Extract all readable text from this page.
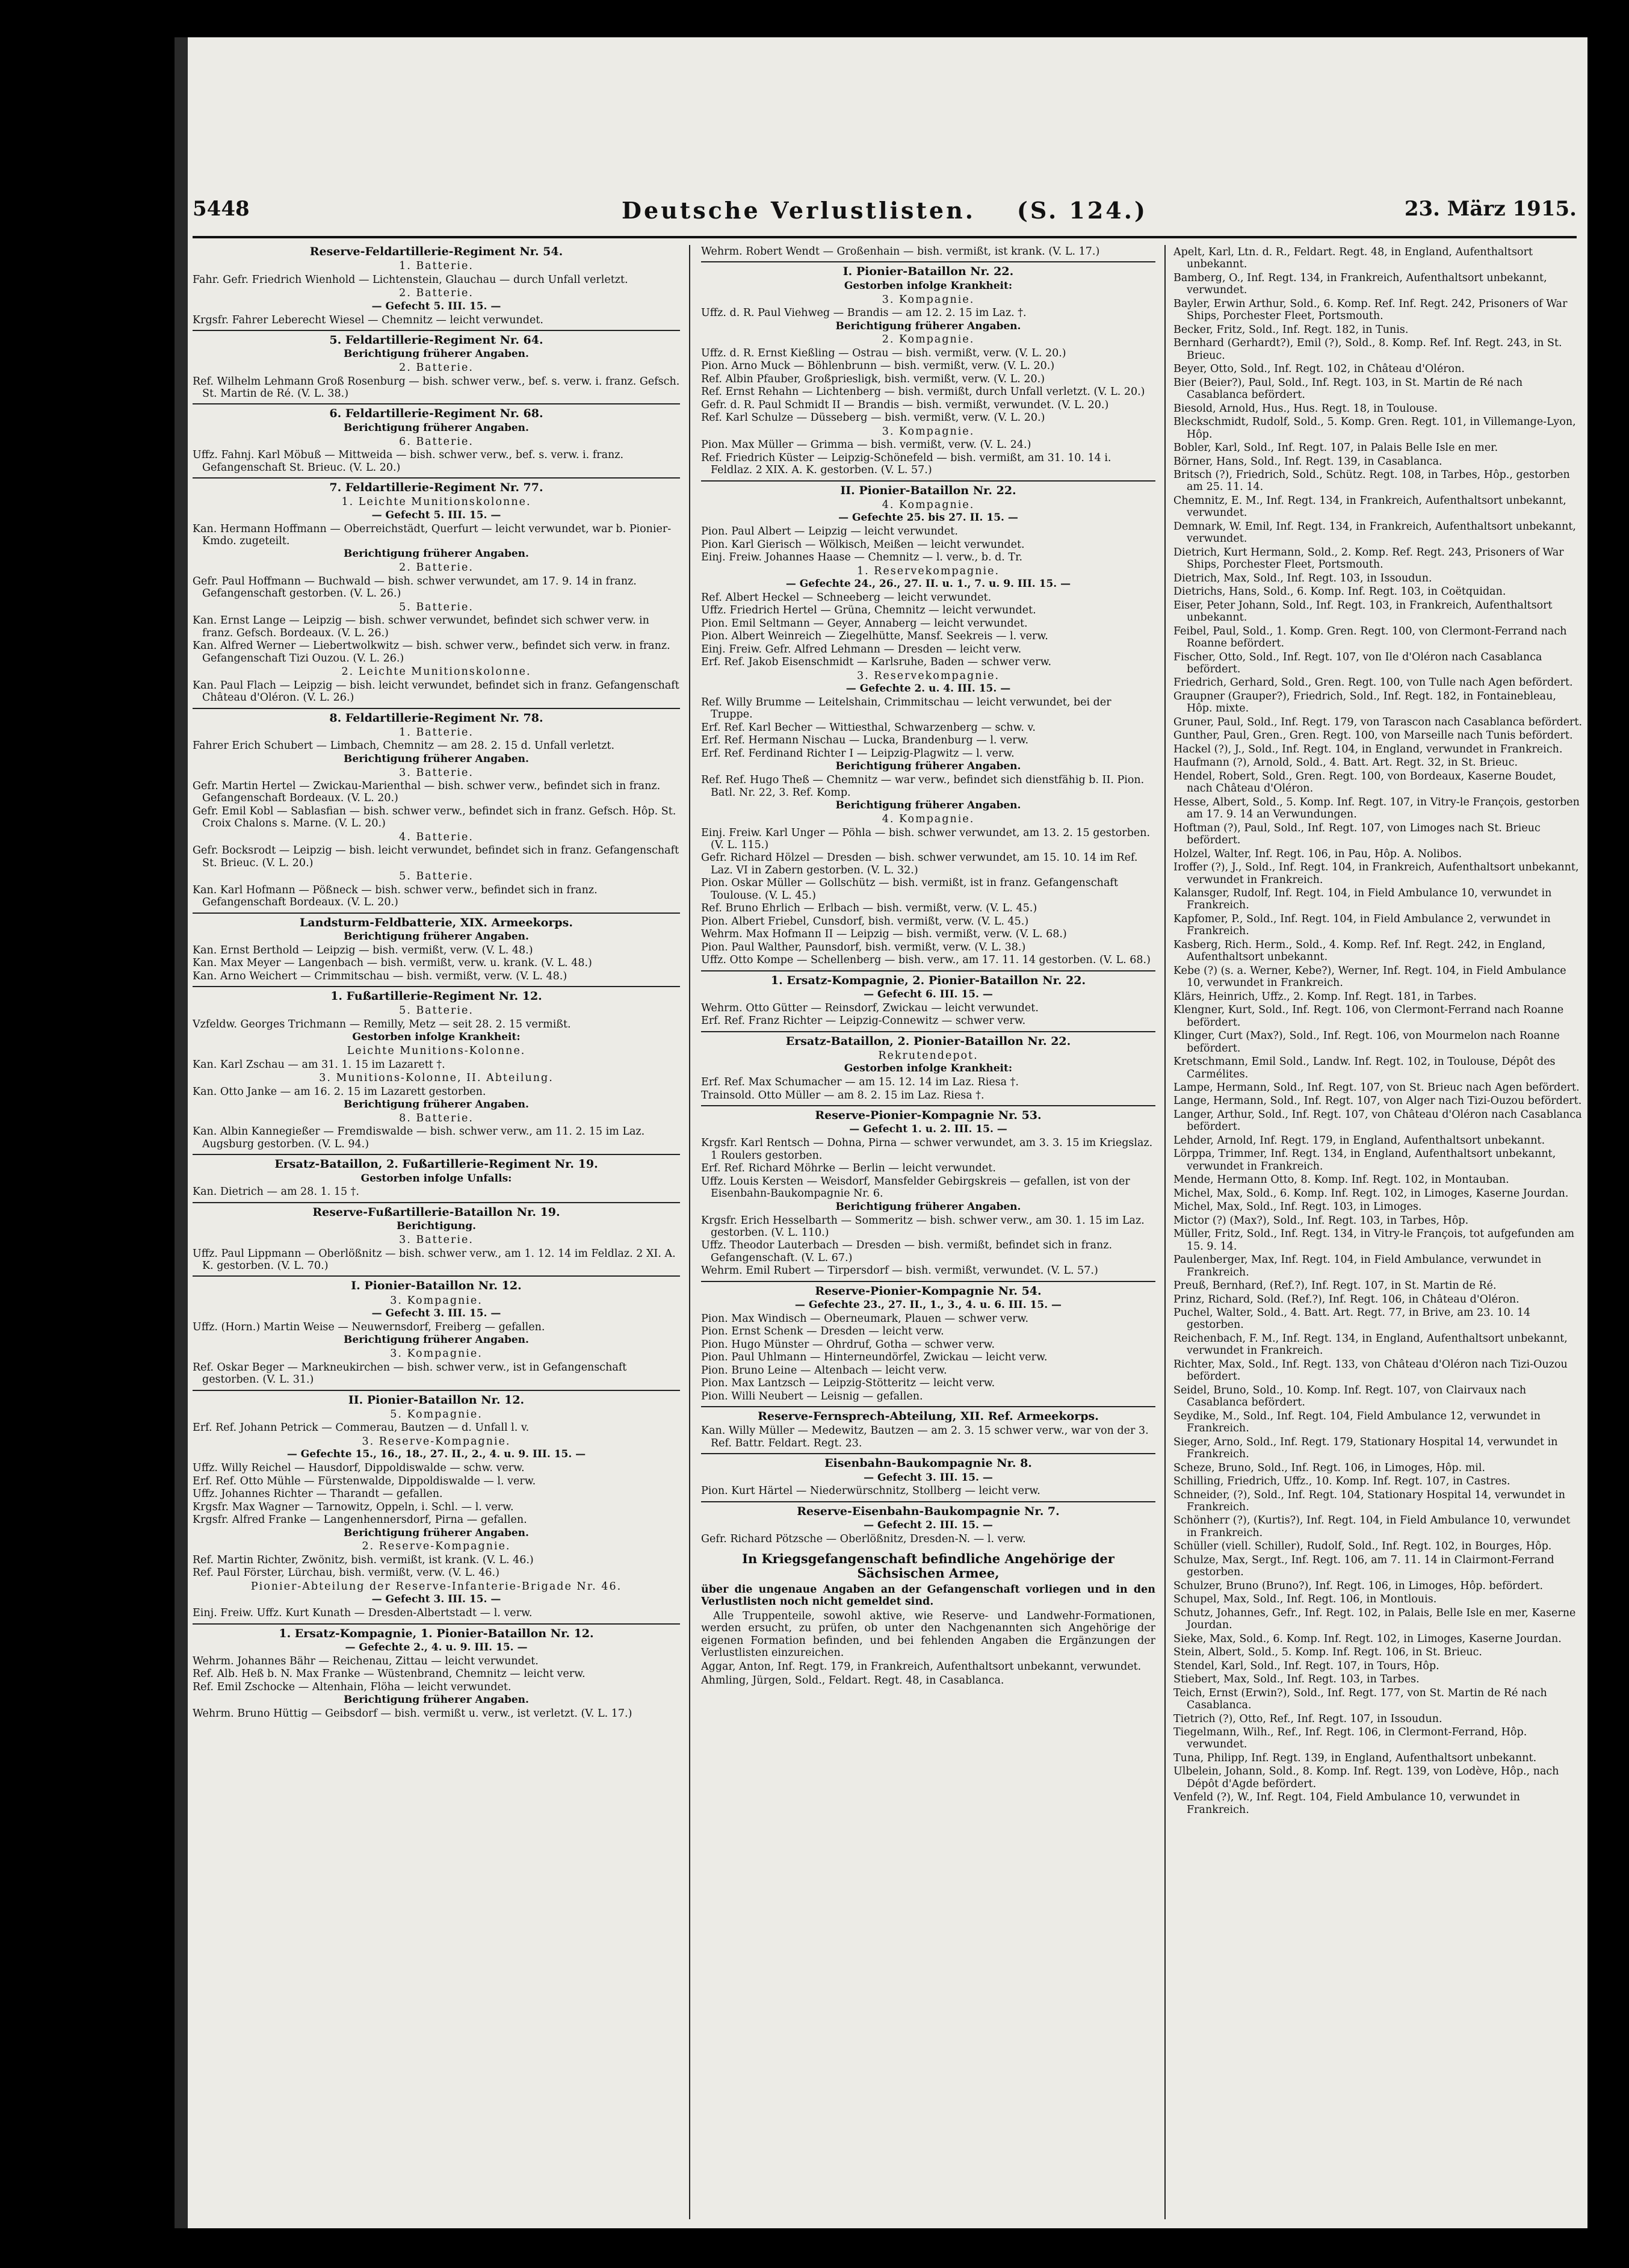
5448	Deutsche Verlustlisten. (S. 124.)	23. März 1915.
Reserve-Feldartillerie-Regiment Nr. 54.
1. Batterie.
Fahr. Gefr. Friedrich Wienhold — Lichtenstein, Glauchau — durch Unfall verletzt.
2. Batterie.
— Gefecht 5. III. 15. —
Krgsfr. Fahrer Leberecht Wiesel — Chemnitz — leicht verwundet.
5. Feldartillerie-Regiment Nr. 64.
Berichtigung früherer Angaben.
2. Batterie.
Ref. Wilhelm Lehmann Groß Rosenburg — bish. schwer verw., bef. s. verw. i. franz. Gefsch. St. Martin de Ré. (V. L. 38.)
6. Feldartillerie-Regiment Nr. 68.
Berichtigung früherer Angaben.
6. Batterie.
Uffz. Fahnj. Karl Möbuß — Mittweida — bish. schwer verw., bef. s. verw. i. franz. Gefangenschaft St. Brieuc. (V. L. 20.)
7. Feldartillerie-Regiment Nr. 77.
1. Leichte Munitionskolonne.
— Gefecht 5. III. 15. —
Kan. Hermann Hoffmann — Oberreichstädt, Querfurt — leicht verwundet, war b. Pionier-Kmdo. zugeteilt.
Berichtigung früherer Angaben.
2. Batterie.
Gefr. Paul Hoffmann — Buchwald — bish. schwer verwundet, am 17. 9. 14 in franz. Gefangenschaft gestorben. (V. L. 26.)
5. Batterie.
Kan. Ernst Lange — Leipzig — bish. schwer verwundet, befindet sich schwer verw. in franz. Gefsch. Bordeaux. (V. L. 26.)
Kan. Alfred Werner — Liebertwolkwitz — bish. schwer verw., befindet sich verw. in franz. Gefangenschaft Tizi Ouzou. (V. L. 26.)
2. Leichte Munitionskolonne.
Kan. Paul Flach — Leipzig — bish. leicht verwundet, befindet sich in franz. Gefangenschaft Château d'Oléron. (V. L. 26.)
8. Feldartillerie-Regiment Nr. 78.
1. Batterie.
Fahrer Erich Schubert — Limbach, Chemnitz — am 28. 2. 15 d. Unfall verletzt.
Berichtigung früherer Angaben.
3. Batterie.
Gefr. Martin Hertel — Zwickau-Marienthal — bish. schwer verw., befindet sich in franz. Gefangenschaft Bordeaux. (V. L. 20.)
Gefr. Emil Kobl — Sablasfian — bish. schwer verw., befindet sich in franz. Gefsch. Hôp. St. Croix Chalons s. Marne. (V. L. 20.)
4. Batterie.
Gefr. Bocksrodt — Leipzig — bish. leicht verwundet, befindet sich in franz. Gefangenschaft St. Brieuc. (V. L. 20.)
5. Batterie.
Kan. Karl Hofmann — Pößneck — bish. schwer verw., befindet sich in franz. Gefangenschaft Bordeaux. (V. L. 20.)
Landsturm-Feldbatterie, XIX. Armeekorps.
Berichtigung früherer Angaben.
Kan. Ernst Berthold — Leipzig — bish. vermißt, verw. (V. L. 48.)
Kan. Max Meyer — Langenbach — bish. vermißt, verw. u. krank. (V. L. 48.)
Kan. Arno Weichert — Crimmitschau — bish. vermißt, verw. (V. L. 48.)
1. Fußartillerie-Regiment Nr. 12.
5. Batterie.
Vzfeldw. Georges Trichmann — Remilly, Metz — seit 28. 2. 15 vermißt.
Gestorben infolge Krankheit:
Leichte Munitions-Kolonne.
Kan. Karl Zschau — am 31. 1. 15 im Lazarett †.
3. Munitions-Kolonne, II. Abteilung.
Kan. Otto Janke — am 16. 2. 15 im Lazarett gestorben.
Berichtigung früherer Angaben.
8. Batterie.
Kan. Albin Kannegießer — Fremdiswalde — bish. schwer verw., am 11. 2. 15 im Laz. Augsburg gestorben. (V. L. 94.)
Ersatz-Bataillon, 2. Fußartillerie-Regiment Nr. 19.
Gestorben infolge Unfalls:
Kan. Dietrich — am 28. 1. 15 †.
Reserve-Fußartillerie-Bataillon Nr. 19.
Berichtigung.
3. Batterie.
Uffz. Paul Lippmann — Oberlößnitz — bish. schwer verw., am 1. 12. 14 im Feldlaz. 2 XI. A. K. gestorben. (V. L. 70.)
I. Pionier-Bataillon Nr. 12.
3. Kompagnie.
— Gefecht 3. III. 15. —
Uffz. (Horn.) Martin Weise — Neuwernsdorf, Freiberg — gefallen.
Berichtigung früherer Angaben.
3. Kompagnie.
Ref. Oskar Beger — Markneukirchen — bish. schwer verw., ist in Gefangenschaft gestorben. (V. L. 31.)
II. Pionier-Bataillon Nr. 12.
5. Kompagnie.
Erf. Ref. Johann Petrick — Commerau, Bautzen — d. Unfall l. v.
3. Reserve-Kompagnie.
— Gefechte 15., 16., 18., 27. II., 2., 4. u. 9. III. 15. —
Uffz. Willy Reichel — Hausdorf, Dippoldiswalde — schw. verw.
Erf. Ref. Otto Mühle — Fürstenwalde, Dippoldiswalde — l. verw.
Uffz. Johannes Richter — Tharandt — gefallen.
Krgsfr. Max Wagner — Tarnowitz, Oppeln, i. Schl. — l. verw.
Krgsfr. Alfred Franke — Langenhennersdorf, Pirna — gefallen.
Berichtigung früherer Angaben.
2. Reserve-Kompagnie.
Ref. Martin Richter, Zwönitz, bish. vermißt, ist krank. (V. L. 46.)
Ref. Paul Förster, Lürchau, bish. vermißt, verw. (V. L. 46.)
Pionier-Abteilung der Reserve-Infanterie-Brigade Nr. 46.
— Gefecht 3. III. 15. —
Einj. Freiw. Uffz. Kurt Kunath — Dresden-Albertstadt — l. verw.
1. Ersatz-Kompagnie, 1. Pionier-Bataillon Nr. 12.
— Gefechte 2., 4. u. 9. III. 15. —
Wehrm. Johannes Bähr — Reichenau, Zittau — leicht verwundet.
Ref. Alb. Heß b. N. Max Franke — Wüstenbrand, Chemnitz — leicht verw.
Ref. Emil Zschocke — Altenhain, Flöha — leicht verwundet.
Berichtigung früherer Angaben.
Wehrm. Bruno Hüttig — Geibsdorf — bish. vermißt u. verw., ist verletzt. (V. L. 17.)
Wehrm. Robert Wendt — Großenhain — bish. vermißt, ist krank. (V. L. 17.)
I. Pionier-Bataillon Nr. 22.
Gestorben infolge Krankheit:
3. Kompagnie.
Uffz. d. R. Paul Viehweg — Brandis — am 12. 2. 15 im Laz. †.
Berichtigung früherer Angaben.
2. Kompagnie.
Uffz. d. R. Ernst Kießling — Ostrau — bish. vermißt, verw. (V. L. 20.)
Pion. Arno Muck — Böhlenbrunn — bish. vermißt, verw. (V. L. 20.)
Ref. Albin Pfauber, Großpriesligk, bish. vermißt, verw. (V. L. 20.)
Ref. Ernst Rehahn — Lichtenberg — bish. vermißt, durch Unfall verletzt. (V. L. 20.)
Gefr. d. R. Paul Schmidt II — Brandis — bish. vermißt, verwundet. (V. L. 20.)
Ref. Karl Schulze — Düsseberg — bish. vermißt, verw. (V. L. 20.)
3. Kompagnie.
Pion. Max Müller — Grimma — bish. vermißt, verw. (V. L. 24.)
Ref. Friedrich Küster — Leipzig-Schönefeld — bish. vermißt, am 31. 10. 14 i. Feldlaz. 2 XIX. A. K. gestorben. (V. L. 57.)
II. Pionier-Bataillon Nr. 22.
4. Kompagnie.
— Gefechte 25. bis 27. II. 15. —
Pion. Paul Albert — Leipzig — leicht verwundet.
Pion. Karl Gierisch — Wölkisch, Meißen — leicht verwundet.
Einj. Freiw. Johannes Haase — Chemnitz — l. verw., b. d. Tr.
1. Reservekompagnie.
— Gefechte 24., 26., 27. II. u. 1., 7. u. 9. III. 15. —
Ref. Albert Heckel — Schneeberg — leicht verwundet.
Uffz. Friedrich Hertel — Grüna, Chemnitz — leicht verwundet.
Pion. Emil Seltmann — Geyer, Annaberg — leicht verwundet.
Pion. Albert Weinreich — Ziegelhütte, Mansf. Seekreis — l. verw.
Einj. Freiw. Gefr. Alfred Lehmann — Dresden — leicht verw.
Erf. Ref. Jakob Eisenschmidt — Karlsruhe, Baden — schwer verw.
3. Reservekompagnie.
— Gefechte 2. u. 4. III. 15. —
Ref. Willy Brumme — Leitelshain, Crimmitschau — leicht verwundet, bei der Truppe.
Erf. Ref. Karl Becher — Wittiesthal, Schwarzenberg — schw. v.
Erf. Ref. Hermann Nischau — Lucka, Brandenburg — l. verw.
Erf. Ref. Ferdinand Richter I — Leipzig-Plagwitz — l. verw.
Berichtigung früherer Angaben.
Ref. Ref. Hugo Theß — Chemnitz — war verw., befindet sich dienstfähig b. II. Pion. Batl. Nr. 22, 3. Ref. Komp.
Berichtigung früherer Angaben.
4. Kompagnie.
Einj. Freiw. Karl Unger — Pöhla — bish. schwer verwundet, am 13. 2. 15 gestorben. (V. L. 115.)
Gefr. Richard Hölzel — Dresden — bish. schwer verwundet, am 15. 10. 14 im Ref. Laz. VI in Zabern gestorben. (V. L. 32.)
Pion. Oskar Müller — Gollschütz — bish. vermißt, ist in franz. Gefangenschaft Toulouse. (V. L. 45.)
Ref. Bruno Ehrlich — Erlbach — bish. vermißt, verw. (V. L. 45.)
Pion. Albert Friebel, Cunsdorf, bish. vermißt, verw. (V. L. 45.)
Wehrm. Max Hofmann II — Leipzig — bish. vermißt, verw. (V. L. 68.)
Pion. Paul Walther, Paunsdorf, bish. vermißt, verw. (V. L. 38.)
Uffz. Otto Kompe — Schellenberg — bish. verw., am 17. 11. 14 gestorben. (V. L. 68.)
1. Ersatz-Kompagnie, 2. Pionier-Bataillon Nr. 22.
— Gefecht 6. III. 15. —
Wehrm. Otto Gütter — Reinsdorf, Zwickau — leicht verwundet.
Erf. Ref. Franz Richter — Leipzig-Connewitz — schwer verw.
Ersatz-Bataillon, 2. Pionier-Bataillon Nr. 22.
Rekrutendepot.
Gestorben infolge Krankheit:
Erf. Ref. Max Schumacher — am 15. 12. 14 im Laz. Riesa †.
Trainsold. Otto Müller — am 8. 2. 15 im Laz. Riesa †.
Reserve-Pionier-Kompagnie Nr. 53.
— Gefecht 1. u. 2. III. 15. —
Krgsfr. Karl Rentsch — Dohna, Pirna — schwer verwundet, am 3. 3. 15 im Kriegslaz. 1 Roulers gestorben.
Erf. Ref. Richard Möhrke — Berlin — leicht verwundet.
Uffz. Louis Kersten — Weisdorf, Mansfelder Gebirgskreis — gefallen, ist von der Eisenbahn-Baukompagnie Nr. 6.
Berichtigung früherer Angaben.
Krgsfr. Erich Hesselbarth — Sommeritz — bish. schwer verw., am 30. 1. 15 im Laz. gestorben. (V. L. 110.)
Uffz. Theodor Lauterbach — Dresden — bish. vermißt, befindet sich in franz. Gefangenschaft. (V. L. 67.)
Wehrm. Emil Rubert — Tirpersdorf — bish. vermißt, verwundet. (V. L. 57.)
Reserve-Pionier-Kompagnie Nr. 54.
— Gefechte 23., 27. II., 1., 3., 4. u. 6. III. 15. —
Pion. Max Windisch — Oberneumark, Plauen — schwer verw.
Pion. Ernst Schenk — Dresden — leicht verw.
Pion. Hugo Münster — Ohrdruf, Gotha — schwer verw.
Pion. Paul Uhlmann — Hinterneundörfel, Zwickau — leicht verw.
Pion. Bruno Leine — Altenbach — leicht verw.
Pion. Max Lantzsch — Leipzig-Stötteritz — leicht verw.
Pion. Willi Neubert — Leisnig — gefallen.
Reserve-Fernsprech-Abteilung, XII. Ref. Armeekorps.
Kan. Willy Müller — Medewitz, Bautzen — am 2. 3. 15 schwer verw., war von der 3. Ref. Battr. Feldart. Regt. 23.
Eisenbahn-Baukompagnie Nr. 8.
— Gefecht 3. III. 15. —
Pion. Kurt Härtel — Niederwürschnitz, Stollberg — leicht verw.
Reserve-Eisenbahn-Baukompagnie Nr. 7.
— Gefecht 2. III. 15. —
Gefr. Richard Pötzsche — Oberlößnitz, Dresden-N. — l. verw.
In Kriegsgefangenschaft befindliche Angehörige der Sächsischen Armee,
über die ungenaue Angaben an der Gefangenschaft vorliegen und in den Verlustlisten noch nicht gemeldet sind.
Alle Truppenteile, sowohl aktive, wie Reserve- und Landwehr-Formationen, werden ersucht, zu prüfen, ob unter den Nachgenannten sich Angehörige der eigenen Formation befinden, und bei fehlenden Angaben die Ergänzungen der Verlustlisten einzureichen.
Aggar, Anton, Inf. Regt. 179, in Frankreich, Aufenthaltsort unbekannt, verwundet.
Ahmling, Jürgen, Sold., Feldart. Regt. 48, in Casablanca.
Apelt, Karl, Ltn. d. R., Feldart. Regt. 48, in England, Aufenthaltsort unbekannt.
Bamberg, O., Inf. Regt. 134, in Frankreich, Aufenthaltsort unbekannt, verwundet.
Bayler, Erwin Arthur, Sold., 6. Komp. Ref. Inf. Regt. 242, Prisoners of War Ships, Porchester Fleet, Portsmouth.
Becker, Fritz, Sold., Inf. Regt. 182, in Tunis.
Bernhard (Gerhardt?), Emil (?), Sold., 8. Komp. Ref. Inf. Regt. 243, in St. Brieuc.
Beyer, Otto, Sold., Inf. Regt. 102, in Château d'Oléron.
Bier (Beier?), Paul, Sold., Inf. Regt. 103, in St. Martin de Ré nach Casablanca befördert.
Biesold, Arnold, Hus., Hus. Regt. 18, in Toulouse.
Bleckschmidt, Rudolf, Sold., 5. Komp. Gren. Regt. 101, in Villemange-Lyon, Hôp.
Bobler, Karl, Sold., Inf. Regt. 107, in Palais Belle Isle en mer.
Börner, Hans, Sold., Inf. Regt. 139, in Casablanca.
Britsch (?), Friedrich, Sold., Schütz. Regt. 108, in Tarbes, Hôp., gestorben am 25. 11. 14.
Chemnitz, E. M., Inf. Regt. 134, in Frankreich, Aufenthaltsort unbekannt, verwundet.
Demnark, W. Emil, Inf. Regt. 134, in Frankreich, Aufenthaltsort unbekannt, verwundet.
Dietrich, Kurt Hermann, Sold., 2. Komp. Ref. Regt. 243, Prisoners of War Ships, Porchester Fleet, Portsmouth.
Dietrich, Max, Sold., Inf. Regt. 103, in Issoudun.
Dietrichs, Hans, Sold., 6. Komp. Inf. Regt. 103, in Coëtquidan.
Eiser, Peter Johann, Sold., Inf. Regt. 103, in Frankreich, Aufenthaltsort unbekannt.
Feibel, Paul, Sold., 1. Komp. Gren. Regt. 100, von Clermont-Ferrand nach Roanne befördert.
Fischer, Otto, Sold., Inf. Regt. 107, von Ile d'Oléron nach Casablanca befördert.
Friedrich, Gerhard, Sold., Gren. Regt. 100, von Tulle nach Agen befördert.
Graupner (Grauper?), Friedrich, Sold., Inf. Regt. 182, in Fontainebleau, Hôp. mixte.
Gruner, Paul, Sold., Inf. Regt. 179, von Tarascon nach Casablanca befördert.
Gunther, Paul, Gren., Gren. Regt. 100, von Marseille nach Tunis befördert.
Hackel (?), J., Sold., Inf. Regt. 104, in England, verwundet in Frankreich.
Haufmann (?), Arnold, Sold., 4. Batt. Art. Regt. 32, in St. Brieuc.
Hendel, Robert, Sold., Gren. Regt. 100, von Bordeaux, Kaserne Boudet, nach Château d'Oléron.
Hesse, Albert, Sold., 5. Komp. Inf. Regt. 107, in Vitry-le François, gestorben am 17. 9. 14 an Verwundungen.
Hoftman (?), Paul, Sold., Inf. Regt. 107, von Limoges nach St. Brieuc befördert.
Holzel, Walter, Inf. Regt. 106, in Pau, Hôp. A. Nolibos.
Iroffer (?), J., Sold., Inf. Regt. 104, in Frankreich, Aufenthaltsort unbekannt, verwundet in Frankreich.
Kalansger, Rudolf, Inf. Regt. 104, in Field Ambulance 10, verwundet in Frankreich.
Kapfomer, P., Sold., Inf. Regt. 104, in Field Ambulance 2, verwundet in Frankreich.
Kasberg, Rich. Herm., Sold., 4. Komp. Ref. Inf. Regt. 242, in England, Aufenthaltsort unbekannt.
Kebe (?) (s. a. Werner, Kebe?), Werner, Inf. Regt. 104, in Field Ambulance 10, verwundet in Frankreich.
Klärs, Heinrich, Uffz., 2. Komp. Inf. Regt. 181, in Tarbes.
Klengner, Kurt, Sold., Inf. Regt. 106, von Clermont-Ferrand nach Roanne befördert.
Klinger, Curt (Max?), Sold., Inf. Regt. 106, von Mourmelon nach Roanne befördert.
Kretschmann, Emil Sold., Landw. Inf. Regt. 102, in Toulouse, Dépôt des Carmélites.
Lampe, Hermann, Sold., Inf. Regt. 107, von St. Brieuc nach Agen befördert.
Lange, Hermann, Sold., Inf. Regt. 107, von Alger nach Tizi-Ouzou befördert.
Langer, Arthur, Sold., Inf. Regt. 107, von Château d'Oléron nach Casablanca befördert.
Lehder, Arnold, Inf. Regt. 179, in England, Aufenthaltsort unbekannt.
Lörppa, Trimmer, Inf. Regt. 134, in England, Aufenthaltsort unbekannt, verwundet in Frankreich.
Mende, Hermann Otto, 8. Komp. Inf. Regt. 102, in Montauban.
Michel, Max, Sold., 6. Komp. Inf. Regt. 102, in Limoges, Kaserne Jourdan.
Michel, Max, Sold., Inf. Regt. 103, in Limoges.
Mictor (?) (Max?), Sold., Inf. Regt. 103, in Tarbes, Hôp.
Müller, Fritz, Sold., Inf. Regt. 134, in Vitry-le François, tot aufgefunden am 15. 9. 14.
Paulenberger, Max, Inf. Regt. 104, in Field Ambulance, verwundet in Frankreich.
Preuß, Bernhard, (Ref.?), Inf. Regt. 107, in St. Martin de Ré.
Prinz, Richard, Sold. (Ref.?), Inf. Regt. 106, in Château d'Oléron.
Puchel, Walter, Sold., 4. Batt. Art. Regt. 77, in Brive, am 23. 10. 14 gestorben.
Reichenbach, F. M., Inf. Regt. 134, in England, Aufenthaltsort unbekannt, verwundet in Frankreich.
Richter, Max, Sold., Inf. Regt. 133, von Château d'Oléron nach Tizi-Ouzou befördert.
Seidel, Bruno, Sold., 10. Komp. Inf. Regt. 107, von Clairvaux nach Casablanca befördert.
Seydike, M., Sold., Inf. Regt. 104, Field Ambulance 12, verwundet in Frankreich.
Sieger, Arno, Sold., Inf. Regt. 179, Stationary Hospital 14, verwundet in Frankreich.
Scheze, Bruno, Sold., Inf. Regt. 106, in Limoges, Hôp. mil.
Schilling, Friedrich, Uffz., 10. Komp. Inf. Regt. 107, in Castres.
Schneider, (?), Sold., Inf. Regt. 104, Stationary Hospital 14, verwundet in Frankreich.
Schönherr (?), (Kurtis?), Inf. Regt. 104, in Field Ambulance 10, verwundet in Frankreich.
Schüller (viell. Schiller), Rudolf, Sold., Inf. Regt. 102, in Bourges, Hôp.
Schulze, Max, Sergt., Inf. Regt. 106, am 7. 11. 14 in Clairmont-Ferrand gestorben.
Schulzer, Bruno (Bruno?), Inf. Regt. 106, in Limoges, Hôp. befördert.
Schupel, Max, Sold., Inf. Regt. 106, in Montlouis.
Schutz, Johannes, Gefr., Inf. Regt. 102, in Palais, Belle Isle en mer, Kaserne Jourdan.
Sieke, Max, Sold., 6. Komp. Inf. Regt. 102, in Limoges, Kaserne Jourdan.
Stein, Albert, Sold., 5. Komp. Inf. Regt. 106, in St. Brieuc.
Stendel, Karl, Sold., Inf. Regt. 107, in Tours, Hôp.
Stiebert, Max, Sold., Inf. Regt. 103, in Tarbes.
Teich, Ernst (Erwin?), Sold., Inf. Regt. 177, von St. Martin de Ré nach Casablanca.
Tietrich (?), Otto, Ref., Inf. Regt. 107, in Issoudun.
Tiegelmann, Wilh., Ref., Inf. Regt. 106, in Clermont-Ferrand, Hôp. verwundet.
Tuna, Philipp, Inf. Regt. 139, in England, Aufenthaltsort unbekannt.
Ulbelein, Johann, Sold., 8. Komp. Inf. Regt. 139, von Lodève, Hôp., nach Dépôt d'Agde befördert.
Venfeld (?), W., Inf. Regt. 104, Field Ambulance 10, verwundet in Frankreich.
